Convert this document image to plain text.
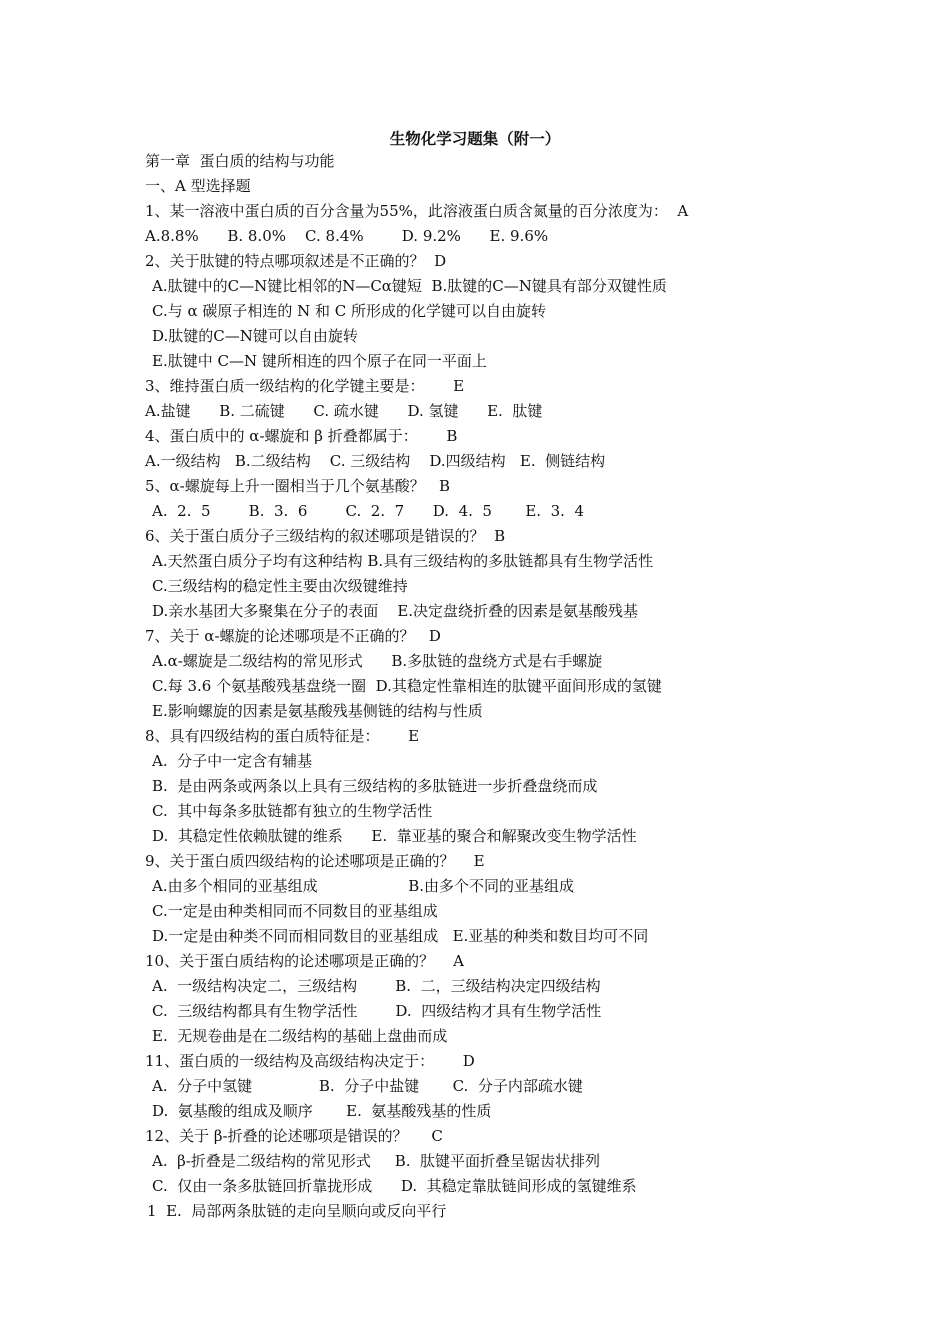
生物化学习题集（附一）
第一章  蛋白质的结构与功能
一、A 型选择题
1、某一溶液中蛋白质的百分含量为55%，此溶液蛋白质含氮量的百分浓度为：  A
A.8.8%      B. 8.0%    C. 8.4%        D. 9.2%      E. 9.6%
2、关于肽键的特点哪项叙述是不正确的？  D
A.肽键中的C—N键比相邻的N—Cα键短  B.肽键的C—N键具有部分双键性质
C.与 α 碳原子相连的 N 和 C 所形成的化学键可以自由旋转
D.肽键的C—N键可以自由旋转
E.肽键中 C—N 键所相连的四个原子在同一平面上
3、维持蛋白质一级结构的化学键主要是：      E
A.盐键      B. 二硫键      C. 疏水键      D. 氢键      E.  肽键
4、蛋白质中的 α-螺旋和 β 折叠都属于：      B
A.一级结构   B.二级结构    C. 三级结构    D.四级结构   E.  侧链结构
5、α-螺旋每上升一圈相当于几个氨基酸？   B
A.  2.  5        B.  3.  6        C.  2.  7      D.  4.  5       E.  3.  4
6、关于蛋白质分子三级结构的叙述哪项是错误的？  B
A.天然蛋白质分子均有这种结构 B.具有三级结构的多肽链都具有生物学活性
C.三级结构的稳定性主要由次级键维持
D.亲水基团大多聚集在分子的表面    E.决定盘绕折叠的因素是氨基酸残基
7、关于 α-螺旋的论述哪项是不正确的？   D
A.α-螺旋是二级结构的常见形式      B.多肽链的盘绕方式是右手螺旋
C.每 3.6 个氨基酸残基盘绕一圈  D.其稳定性靠相连的肽键平面间形成的氢键
E.影响螺旋的因素是氨基酸残基侧链的结构与性质
8、具有四级结构的蛋白质特征是：      E
A.  分子中一定含有辅基
B.  是由两条或两条以上具有三级结构的多肽链进一步折叠盘绕而成
C.  其中每条多肽链都有独立的生物学活性
D.  其稳定性依赖肽键的维系      E.  靠亚基的聚合和解聚改变生物学活性
9、关于蛋白质四级结构的论述哪项是正确的？    E
A.由多个相同的亚基组成                   B.由多个不同的亚基组成
C.一定是由种类相同而不同数目的亚基组成
D.一定是由种类不同而相同数目的亚基组成   E.亚基的种类和数目均可不同
10、关于蛋白质结构的论述哪项是正确的？    A
A.  一级结构决定二，三级结构        B.  二，三级结构决定四级结构
C.  三级结构都具有生物学活性        D.  四级结构才具有生物学活性
E.  无规卷曲是在二级结构的基础上盘曲而成
11、蛋白质的一级结构及高级结构决定于：      D
A.  分子中氢键              B.  分子中盐键       C.  分子内部疏水键
D.  氨基酸的组成及顺序       E.  氨基酸残基的性质
12、关于 β-折叠的论述哪项是错误的？     C
A.  β-折叠是二级结构的常见形式     B.  肽键平面折叠呈锯齿状排列
C.  仅由一条多肽链回折靠拢形成      D.  其稳定靠肽链间形成的氢键维系
1  E.  局部两条肽链的走向呈顺向或反向平行
